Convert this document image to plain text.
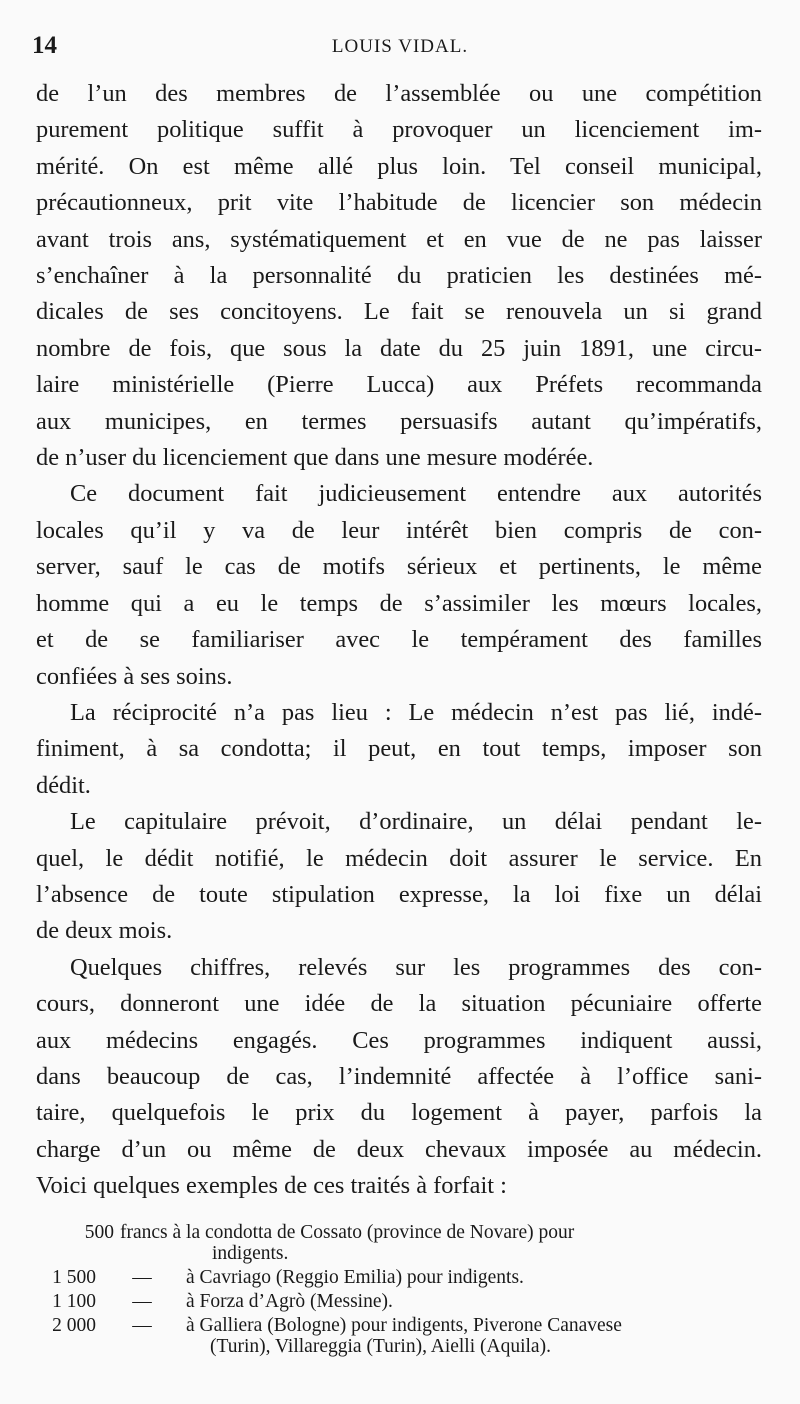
14	LOUIS VIDAL.
de l’un des membres de l’assemblée ou une compétition
purement politique suffit à provoquer un licenciement im-
mérité. On est même allé plus loin. Tel conseil municipal,
précautionneux, prit vite l’habitude de licencier son médecin
avant trois ans, systématiquement et en vue de ne pas laisser
s’enchaîner à la personnalité du praticien les destinées mé-
dicales de ses concitoyens. Le fait se renouvela un si grand
nombre de fois, que sous la date du 25 juin 1891, une circu-
laire ministérielle (Pierre Lucca) aux Préfets recommanda
aux municipes, en termes persuasifs autant qu’impératifs,
de n’user du licenciement que dans une mesure modérée.
Ce document fait judicieusement entendre aux autorités
locales qu’il y va de leur intérêt bien compris de con-
server, sauf le cas de motifs sérieux et pertinents, le même
homme qui a eu le temps de s’assimiler les mœurs locales,
et de se familiariser avec le tempérament des familles
confiées à ses soins.
La réciprocité n’a pas lieu : Le médecin n’est pas lié, indé-
finiment, à sa condotta; il peut, en tout temps, imposer son
dédit.
Le capitulaire prévoit, d’ordinaire, un délai pendant le-
quel, le dédit notifié, le médecin doit assurer le service. En
l’absence de toute stipulation expresse, la loi fixe un délai
de deux mois.
Quelques chiffres, relevés sur les programmes des con-
cours, donneront une idée de la situation pécuniaire offerte
aux médecins engagés. Ces programmes indiquent aussi,
dans beaucoup de cas, l’indemnité affectée à l’office sani-
taire, quelquefois le prix du logement à payer, parfois la
charge d’un ou même de deux chevaux imposée au médecin.
Voici quelques exemples de ces traités à forfait :
500 francs à la condotta de Cossato (province de Novare) pour
indigents.
1 500 — à Cavriago (Reggio Emilia) pour indigents.
1 100 — à Forza d’Agrò (Messine).
2 000 — à Galliera (Bologne) pour indigents, Piverone Canavese
(Turin), Villareggia (Turin), Aielli (Aquila).
